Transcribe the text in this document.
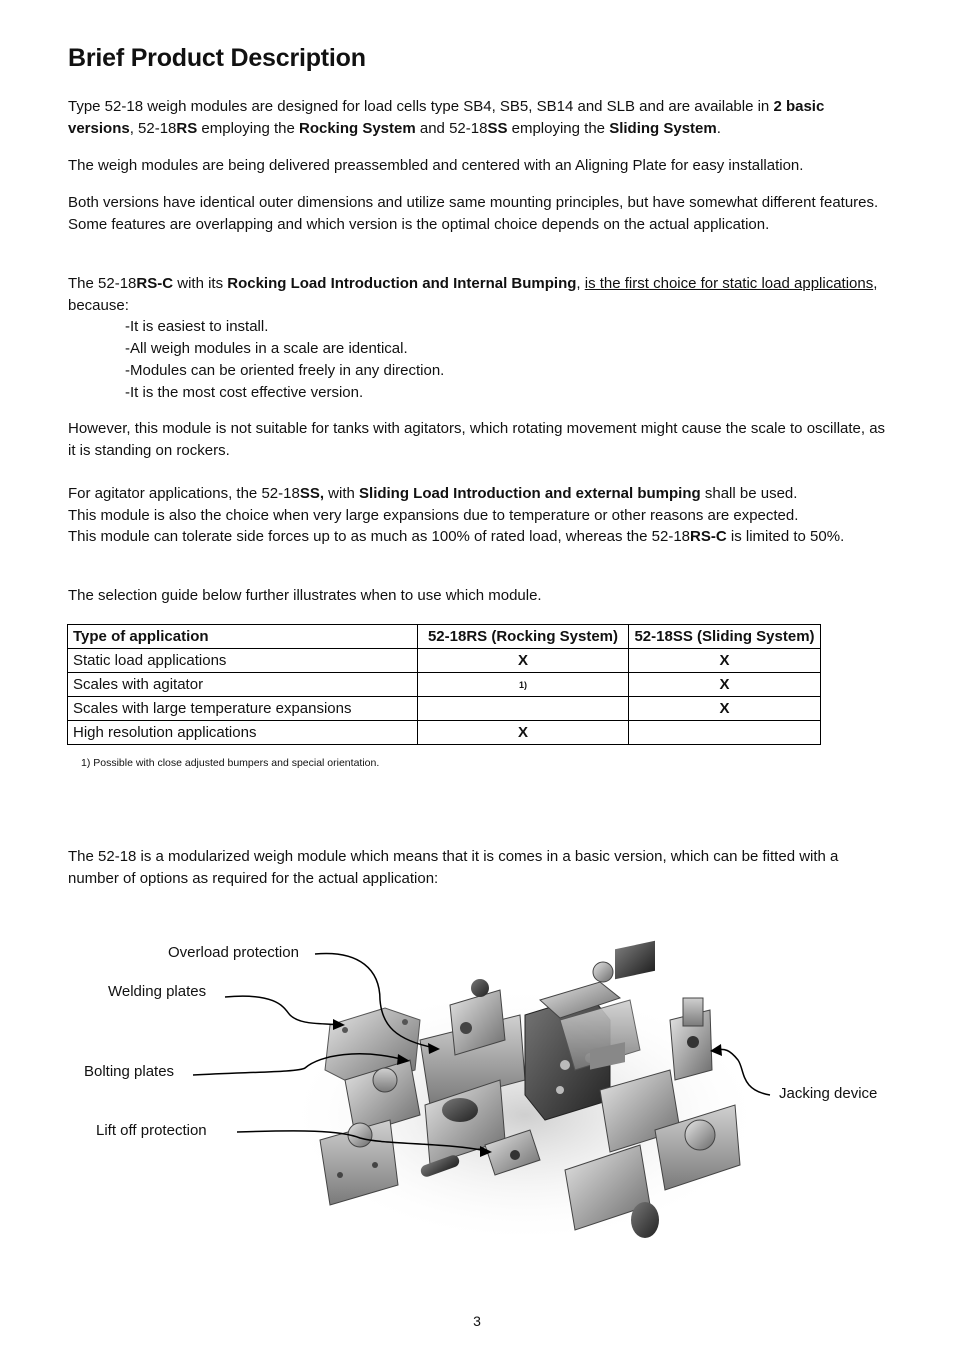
Brief Product Description

Type 52-18 weigh modules are designed for load cells type SB4, SB5, SB14 and SLB and are available in 2 basic versions, 52-18RS employing the Rocking System and 52-18SS employing the Sliding System.

The weigh modules are being delivered preassembled and centered with an Aligning Plate for easy installation.

Both versions have identical outer dimensions and utilize same mounting principles, but have somewhat different features. Some features are overlapping and which version is the optimal choice depends on the actual application.

The 52-18RS-C with its Rocking Load Introduction and Internal Bumping, is the first choice for static load applications, because:
-It is easiest to install.
-All weigh modules in a scale are identical.
-Modules can be oriented freely in any direction.
-It is the most cost effective version.

However, this module is not suitable for tanks with agitators, which rotating movement might cause the scale to oscillate, as it is standing on rockers.

For agitator applications, the 52-18SS, with Sliding Load Introduction and external bumping shall be used.
This module is also the choice when very large expansions due to temperature or other reasons are expected.
This module can tolerate side forces up to as much as 100% of rated load, whereas the 52-18RS-C is limited to 50%.

The selection guide below further illustrates when to use which module.

Type of application	52-18RS (Rocking System)	52-18SS (Sliding System)
Static load applications	X	X
Scales with agitator	1)	X
Scales with large temperature expansions		X
High resolution applications	X	
1) Possible with close adjusted bumpers and special orientation.

The 52-18 is a modularized weigh module which means that it is comes in a basic version, which can be fitted with a number of options as required for the actual application:

Overload protection
Welding plates
Bolting plates
Lift off protection
Jacking device
3
